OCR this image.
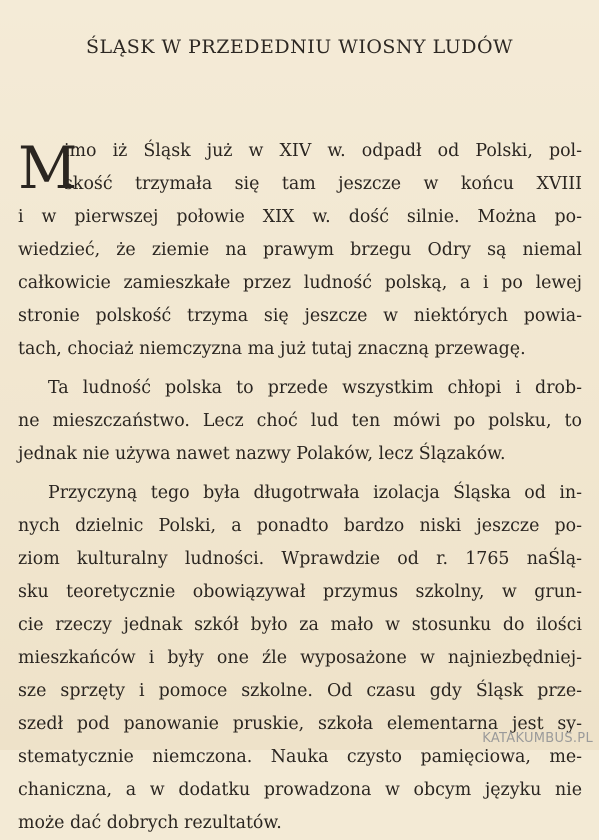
ŚLĄSK W PRZEDEDNIU WIOSNY LUDÓW
M
imo iż Śląsk już w XIV w. odpadł od Polski, pol-
skość trzymała się tam jeszcze w końcu XVIII
i w pierwszej połowie XIX w. dość silnie. Można po-
wiedzieć, że ziemie na prawym brzegu Odry są niemal
całkowicie zamieszkałe przez ludność polską, a i po lewej
stronie polskość trzyma się jeszcze w niektórych powia-
tach, chociaż niemczyzna ma już tutaj znaczną przewagę.
Ta ludność polska to przede wszystkim chłopi i drob-
ne mieszczaństwo. Lecz choć lud ten mówi po polsku, to
jednak nie używa nawet nazwy Polaków, lecz Ślązaków.
Przyczyną tego była długotrwała izolacja Śląska od in-
nych dzielnic Polski, a ponadto bardzo niski jeszcze po-
ziom kulturalny ludności. Wprawdzie od r. 1765 naŚlą-
sku teoretycznie obowiązywał przymus szkolny, w grun-
cie rzeczy jednak szkół było za mało w stosunku do ilości
mieszkańców i były one źle wyposażone w najniezbędniej-
sze sprzęty i pomoce szkolne. Od czasu gdy Śląsk prze-
szedł pod panowanie pruskie, szkoła elementarna jest sy-
stematycznie niemczona. Nauka czysto pamięciowa, me-
chaniczna, a w dodatku prowadzona w obcym języku nie
może dać dobrych rezultatów.
KATAKUMBUS.PL
